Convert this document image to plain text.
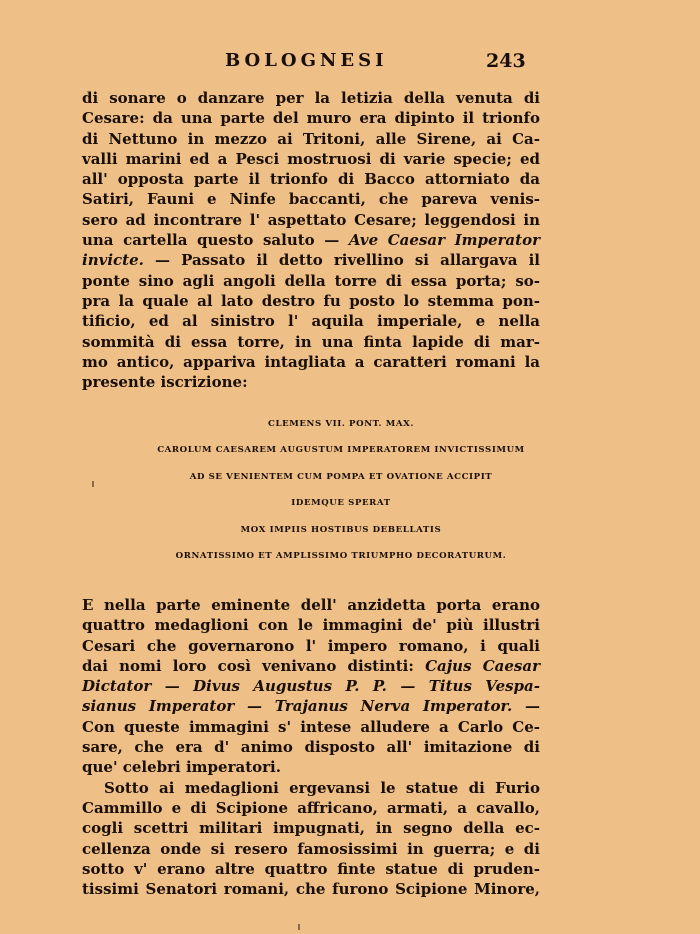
BOLOGNESI	243
di sonare o danzare per la letizia della venuta di
Cesare: da una parte del muro era dipinto il trionfo
di Nettuno in mezzo ai Tritoni, alle Sirene, ai Ca-
valli marini ed a Pesci mostruosi di varie specie; ed
all' opposta parte il trionfo di Bacco attorniato da
Satiri, Fauni e Ninfe baccanti, che pareva venis-
sero ad incontrare l' aspettato Cesare; leggendosi in
una cartella questo saluto — Ave Caesar Imperator
invicte. — Passato il detto rivellino si allargava il
ponte sino agli angoli della torre di essa porta; so-
pra la quale al lato destro fu posto lo stemma pon-
tificio, ed al sinistro l' aquila imperiale, e nella
sommità di essa torre, in una finta lapide di mar-
mo antico, appariva intagliata a caratteri romani la
presente iscrizione:
CLEMENS VII. PONT. MAX.
CAROLUM CAESAREM AUGUSTUM IMPERATOREM INVICTISSIMUM
AD SE VENIENTEM CUM POMPA ET OVATIONE ACCIPIT
IDEMQUE SPERAT
MOX IMPIIS HOSTIBUS DEBELLATIS
ORNATISSIMO ET AMPLISSIMO TRIUMPHO DECORATURUM.
E nella parte eminente dell' anzidetta porta erano
quattro medaglioni con le immagini de' più illustri
Cesari che governarono l' impero romano, i quali
dai nomi loro così venivano distinti: Cajus Caesar
Dictator — Divus Augustus P. P. — Titus Vespa-
sianus Imperator — Trajanus Nerva Imperator. —
Con queste immagini s' intese alludere a Carlo Ce-
sare, che era d' animo disposto all' imitazione di
que' celebri imperatori.
Sotto ai medaglioni ergevansi le statue di Furio
Cammillo e di Scipione affricano, armati, a cavallo,
cogli scettri militari impugnati, in segno della ec-
cellenza onde si resero famosissimi in guerra; e di
sotto v' erano altre quattro finte statue di pruden-
tissimi Senatori romani, che furono Scipione Minore,
